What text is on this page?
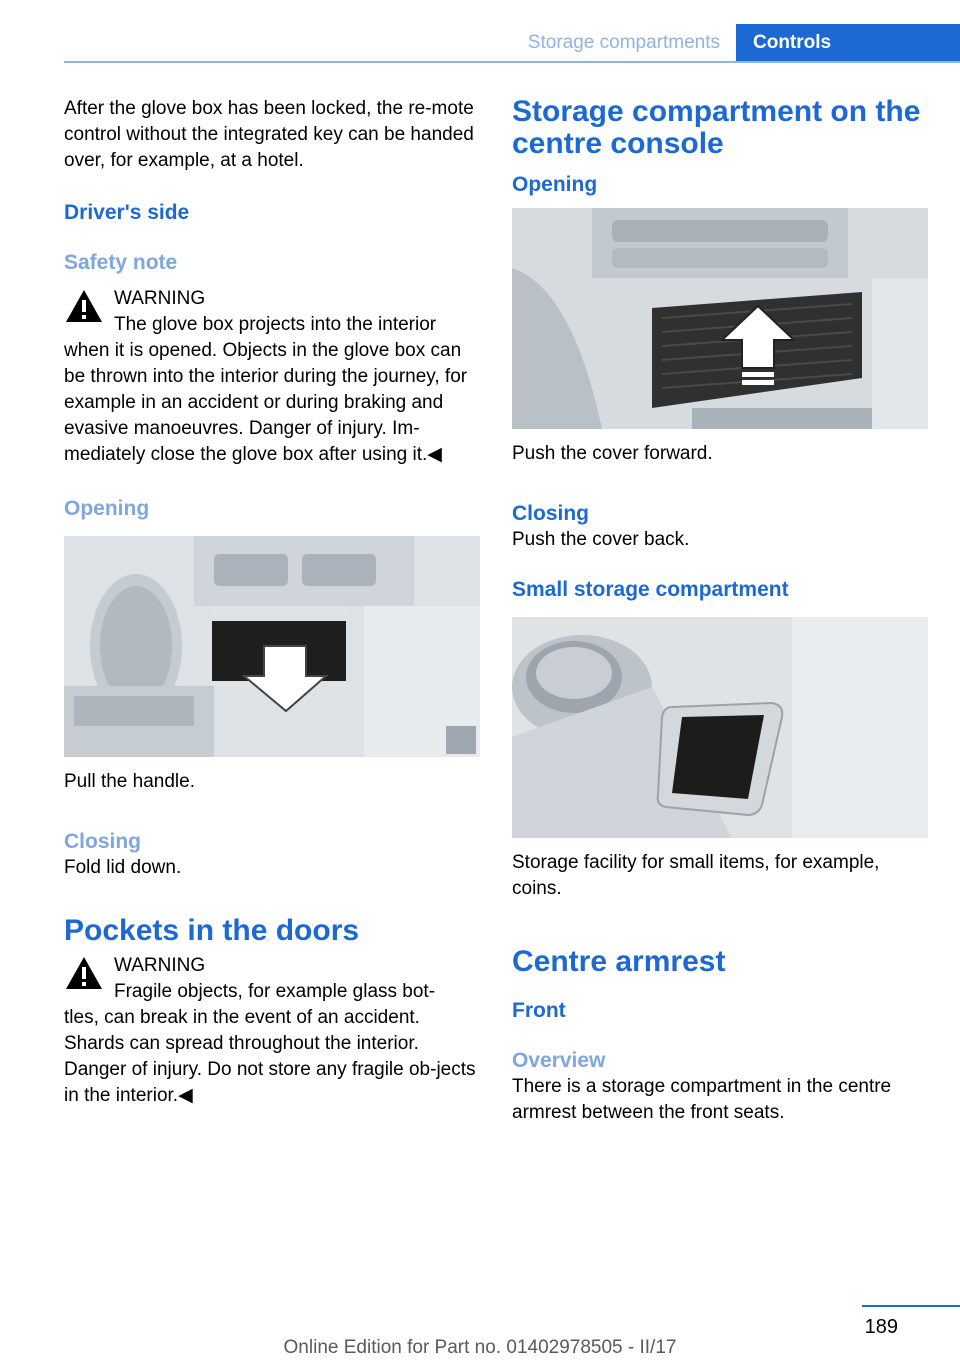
Storage compartments	Controls

After the glove box has been locked, the re-mote control without the integrated key can be handed over, for example, at a hotel.

Driver's side
Safety note

WARNING

The glove box projects into the interior

when it is opened. Objects in the glove box can be thrown into the interior during the journey, for example in an accident or during braking and evasive manoeuvres. Danger of injury. Im-mediately close the glove box after using it.◀

Opening

Pull the handle.

Closing

Fold lid down.

Pockets in the doors

WARNING

Fragile objects, for example glass bot-

tles, can break in the event of an accident. Shards can spread throughout the interior. Danger of injury. Do not store any fragile ob-jects in the interior.◀

Storage compartment on the centre console
Opening

Push the cover forward.

Closing

Push the cover back.

Small storage compartment

Storage facility for small items, for example, coins.

Centre armrest
Front
Overview

There is a storage compartment in the centre armrest between the front seats.

189
Online Edition for Part no. 01402978505 - II/17
